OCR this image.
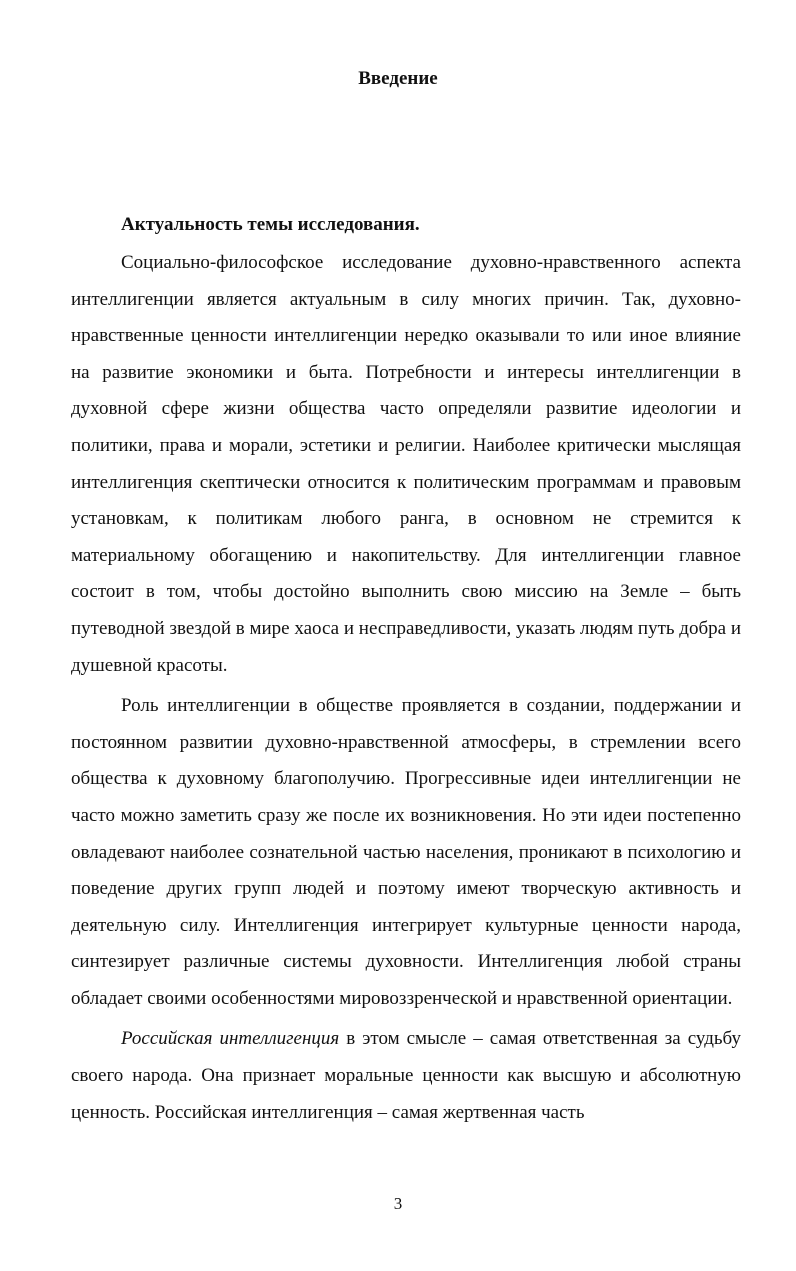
Введение
Актуальность темы исследования.

Социально-философское исследование духовно-нравственного аспекта интеллигенции является актуальным в силу многих причин. Так, духовно-нравственные ценности интеллигенции нередко оказывали то или иное влияние на развитие экономики и быта. Потребности и интересы интеллигенции в духовной сфере жизни общества часто определяли развитие идеологии и политики, права и морали, эстетики и религии. Наиболее критически мыслящая интеллигенция скептически относится к политическим программам и правовым установкам, к политикам любого ранга, в основном не стремится к материальному обогащению и накопительству. Для интеллигенции главное состоит в том, чтобы достойно выполнить свою миссию на Земле – быть путеводной звездой в мире хаоса и несправедливости, указать людям путь добра и душевной красоты.

Роль интеллигенции в обществе проявляется в создании, поддержании и постоянном развитии духовно-нравственной атмосферы, в стремлении всего общества к духовному благополучию. Прогрессивные идеи интеллигенции не часто можно заметить сразу же после их возникновения. Но эти идеи постепенно овладевают наиболее сознательной частью населения, проникают в психологию и поведение других групп людей и поэтому имеют творческую активность и деятельную силу. Интеллигенция интегрирует культурные ценности народа, синтезирует различные системы духовности. Интеллигенция любой страны обладает своими особенностями мировоззренческой и нравственной ориентации.

Российская интеллигенция в этом смысле – самая ответственная за судьбу своего народа. Она признает моральные ценности как высшую и абсолютную ценность. Российская интеллигенция – самая жертвенная часть

3
